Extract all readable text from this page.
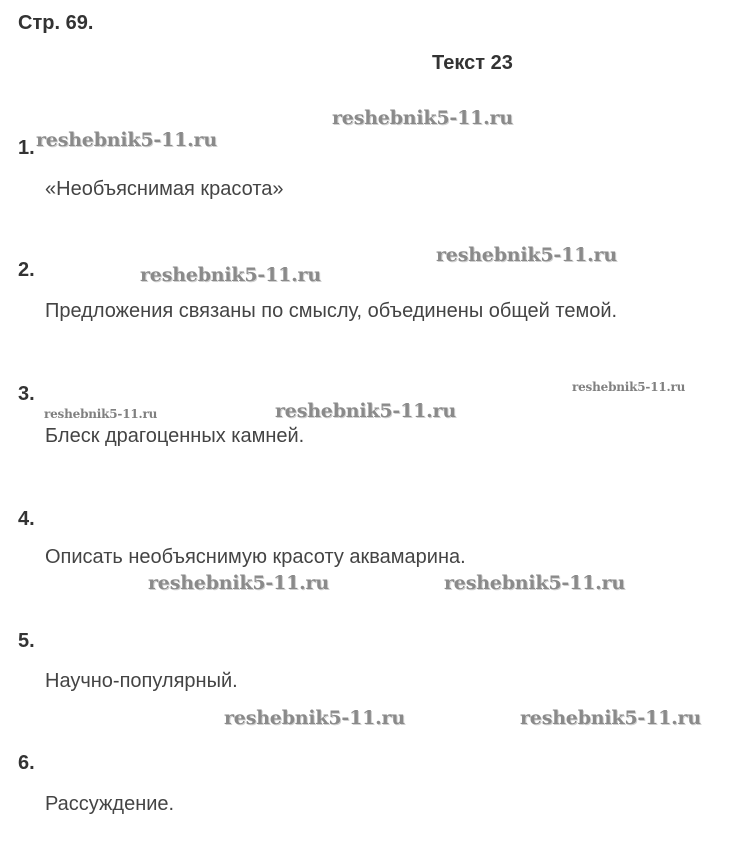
Стр. 69.
Текст 23
1.
«Необъяснимая красота»
2.
Предложения связаны по смыслу, объединены общей темой.
3.
Блеск драгоценных камней.
4.
Описать необъяснимую красоту аквамарина.
5.
Научно-популярный.
6.
Рассуждение.
reshebnik5-11.ru
reshebnik5-11.ru
reshebnik5-11.ru
reshebnik5-11.ru
reshebnik5-11.ru
reshebnik5-11.ru	reshebnik5-11.ru
reshebnik5-11.ru	reshebnik5-11.ru
reshebnik5-11.ru	reshebnik5-11.ru
